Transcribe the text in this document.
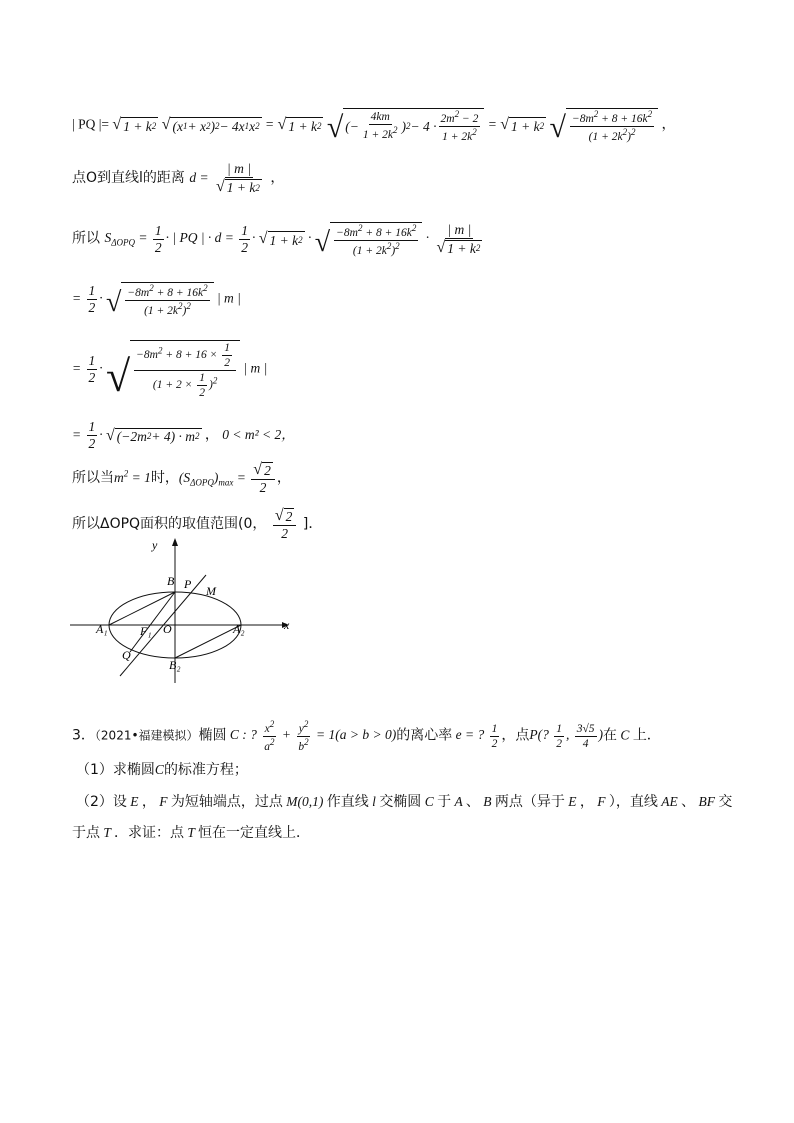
| PQ |= √ 1 + k 2
√ (x 1 + x 2 ) 2 − 4x 1 x 2 = √ 1 + k 2
√ (− $\frac{4km}{1 + 2k^2}$ ) $2 - 4 \cdot \frac{2m^2 - 2}{1 + 2k^2}$ = √ 1 + k 2
√ $\frac{-8m^2 + 8 + 16k^2}{(1 + 2k^2)^2}$ ，
点O到直线l的距离 $d = \frac{| m |}{√ 1 + k 2}$ ，
所以 $S_{\Delta OPQ} = \frac{1}{2}$ · | PQ | · $d = \frac{1}{2}$ · √ 1 + k 2 · √ $\frac{-8m^2 + 8 + 16k^2}{(1 + 2k^2)^2} \cdot \frac{| m |}{√ 1 + k 2}$
= $\frac{1}{2}$ · √ $\frac{-8m^2 + 8 + 16k^2}{(1 + 2k^2)^2}$ | m |
= $\frac{1}{2}$ · √ $\frac{-8m^2 + 8 + 16 \times \frac{1}{2}}{(1 + 2 \times \frac{1}{2} )^2}$ | m |
= $\frac{1}{2}$ · √ (−2m 2 + 4) · m 2 ， 0 < m² < 2，
所以当$m^2 = 1$时，$(S_{\Delta OPQ})_{max} = \frac{√ 2}{2}$ ，
所以ΔOPQ面积的取值范围(0， $\frac{√ 2}{2}$ ]．
y
x
B P M
A₁	A₂
F₁ O
Q
B₂
3．（2021•福建模拟）椭圆 C : ? $\frac{x^2}{a^2} + \frac{y^2}{b^2} = 1(a > b > 0)$的离心率 e = ? $\frac{1}{2}$ ，点P(? $\frac{1}{2}$ , $\frac{3√5}{4}$ )在 C 上．
（1）求椭圆C的标准方程；
（2）设 E ， F 为短轴端点，过点 M(0,1) 作直线 l 交椭圆 C 于 A 、 B 两点（异于 E ， F ），直线 AE 、 BF 交
于点 T ．求证：点 T 恒在一定直线上．
